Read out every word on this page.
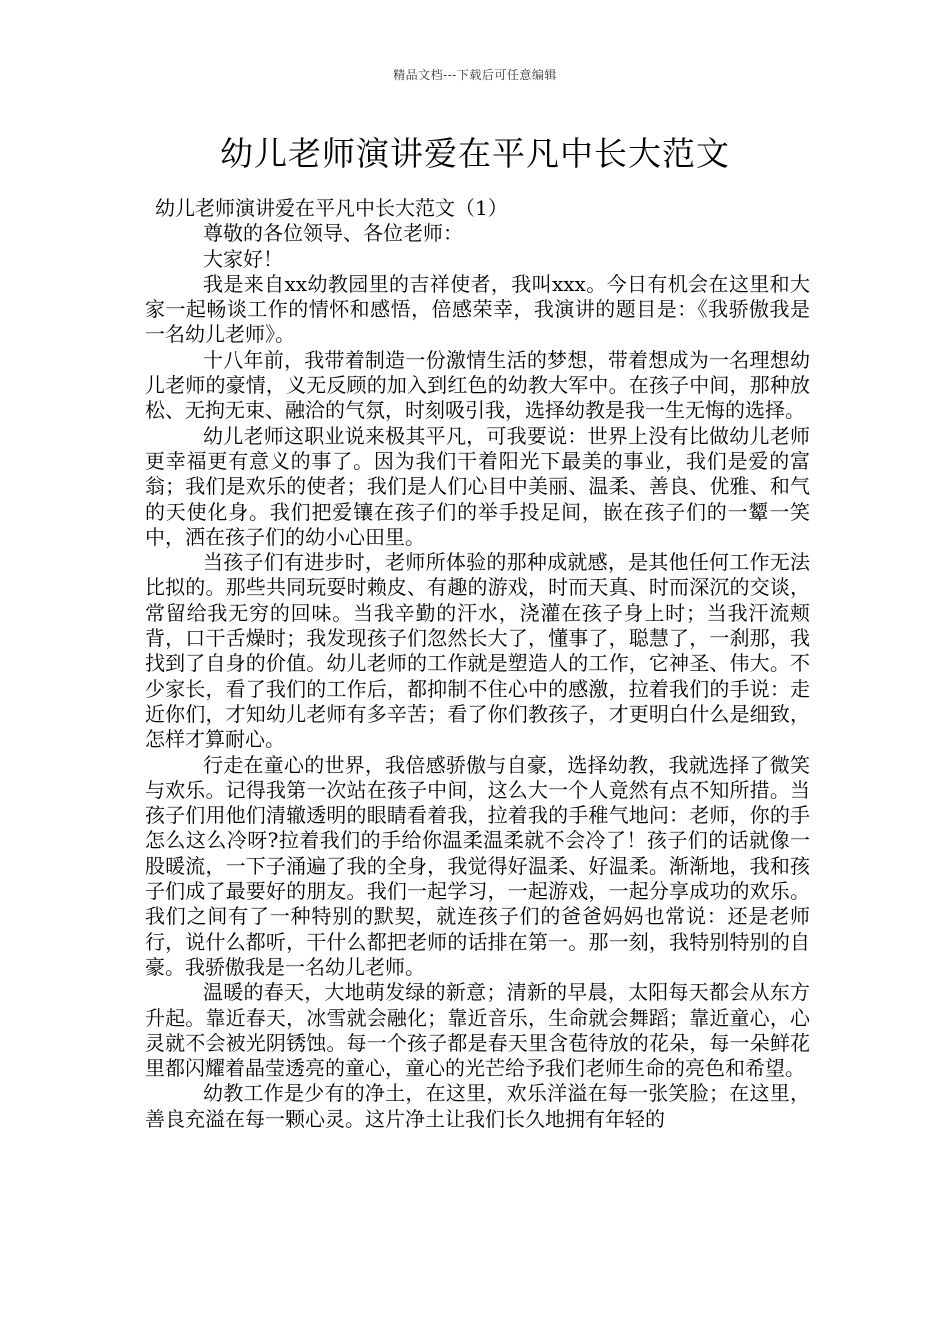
精品文档---下载后可任意编辑
幼儿老师演讲爱在平凡中长大范文

幼儿老师演讲爱在平凡中长大范文（1）

尊敬的各位领导、各位老师：

大家好！

我是来自xx幼教园里的吉祥使者，我叫xxx。今日有机会在这里和大家一起畅谈工作的情怀和感悟，倍感荣幸，我演讲的题目是：《我骄傲我是一名幼儿老师》。

十八年前，我带着制造一份激情生活的梦想，带着想成为一名理想幼儿老师的豪情，义无反顾的加入到红色的幼教大军中。在孩子中间，那种放松、无拘无束、融洽的气氛，时刻吸引我，选择幼教是我一生无悔的选择。

幼儿老师这职业说来极其平凡，可我要说：世界上没有比做幼儿老师更幸福更有意义的事了。因为我们干着阳光下最美的事业，我们是爱的富翁；我们是欢乐的使者；我们是人们心目中美丽、温柔、善良、优雅、和气的天使化身。我们把爱镶在孩子们的举手投足间，嵌在孩子们的一颦一笑中，洒在孩子们的幼小心田里。

当孩子们有进步时，老师所体验的那种成就感，是其他任何工作无法比拟的。那些共同玩耍时赖皮、有趣的游戏，时而天真、时而深沉的交谈，常留给我无穷的回味。当我辛勤的汗水，浇灌在孩子身上时；当我汗流颊背，口干舌燥时；我发现孩子们忽然长大了，懂事了，聪慧了，一刹那，我找到了自身的价值。幼儿老师的工作就是塑造人的工作，它神圣、伟大。不少家长，看了我们的工作后，都抑制不住心中的感激，拉着我们的手说：走近你们，才知幼儿老师有多辛苦；看了你们教孩子，才更明白什么是细致，怎样才算耐心。

行走在童心的世界，我倍感骄傲与自豪，选择幼教，我就选择了微笑与欢乐。记得我第一次站在孩子中间，这么大一个人竟然有点不知所措。当孩子们用他们清辙透明的眼睛看着我，拉着我的手稚气地问：老师，你的手怎么这么冷呀?拉着我们的手给你温柔温柔就不会冷了！孩子们的话就像一股暖流，一下子涌遍了我的全身，我觉得好温柔、好温柔。渐渐地，我和孩子们成了最要好的朋友。我们一起学习，一起游戏，一起分享成功的欢乐。我们之间有了一种特别的默契，就连孩子们的爸爸妈妈也常说：还是老师行，说什么都听，干什么都把老师的话排在第一。那一刻，我特别特别的自豪。我骄傲我是一名幼儿老师。

温暖的春天，大地萌发绿的新意；清新的早晨，太阳每天都会从东方升起。靠近春天，冰雪就会融化；靠近音乐，生命就会舞蹈；靠近童心，心灵就不会被光阴锈蚀。每一个孩子都是春天里含苞待放的花朵，每一朵鲜花里都闪耀着晶莹透亮的童心，童心的光芒给予我们老师生命的亮色和希望。

幼教工作是少有的净土，在这里，欢乐洋溢在每一张笑脸；在这里，善良充溢在每一颗心灵。这片净土让我们长久地拥有年轻的
